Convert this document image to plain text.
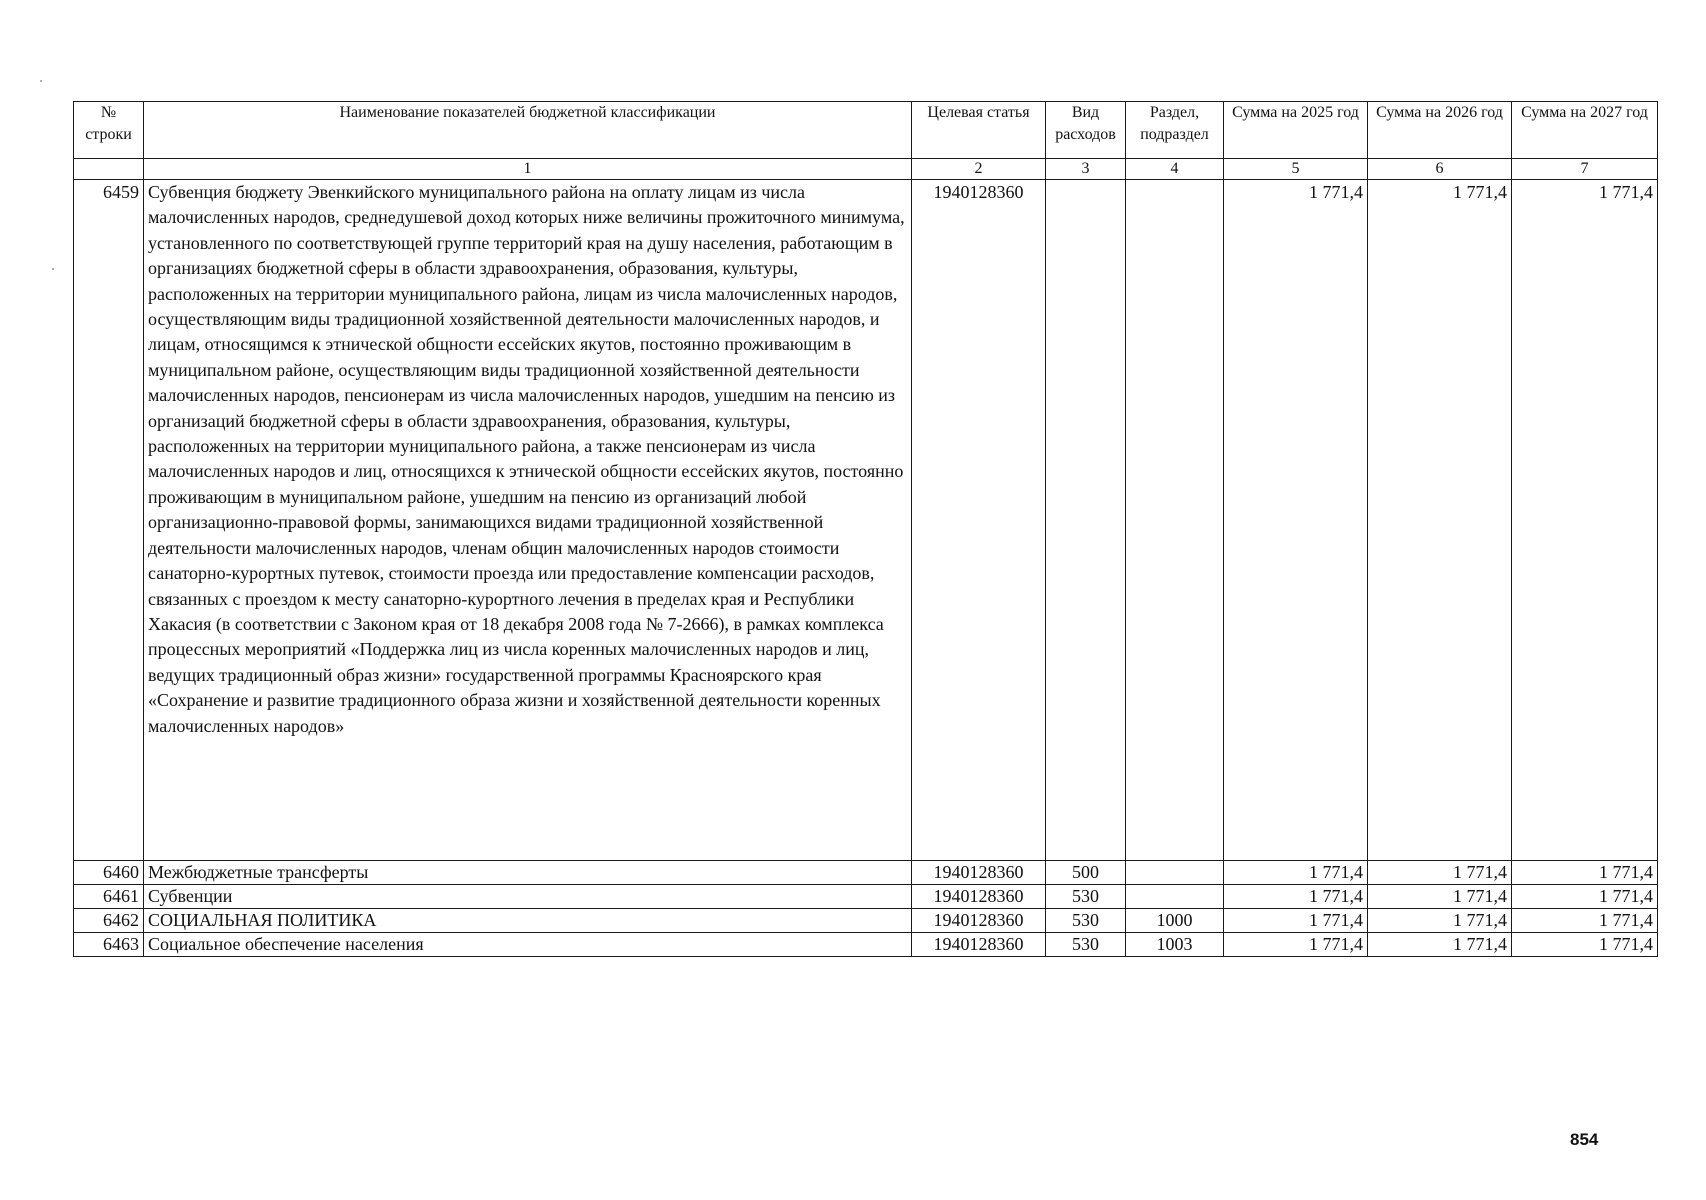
№ строки	Наименование показателей бюджетной классификации	Целевая статья	Вид расходов	Раздел, подраздел	Сумма на 2025 год	Сумма на 2026 год	Сумма на 2027 год
	1	2	3	4	5	6	7
6459	Субвенция бюджету Эвенкийского муниципального района на оплату лицам из числа малочисленных народов, среднедушевой доход которых ниже величины прожиточного минимума, установленного по соответствующей группе территорий края на душу населения, работающим в организациях бюджетной сферы в области здравоохранения, образования, культуры, расположенных на территории муниципального района, лицам из числа малочисленных народов, осуществляющим виды традиционной хозяйственной деятельности малочисленных народов, и лицам, относящимся к этнической общности ессейских якутов, постоянно проживающим в муниципальном районе, осуществляющим виды традиционной хозяйственной деятельности малочисленных народов, пенсионерам из числа малочисленных народов, ушедшим на пенсию из организаций бюджетной сферы в области здравоохранения, образования, культуры, расположенных на территории муниципального района, а также пенсионерам из числа малочисленных народов и лиц, относящихся к этнической общности ессейских якутов, постоянно проживающим в муниципальном районе, ушедшим на пенсию из организаций любой организационно-правовой формы, занимающихся видами традиционной хозяйственной деятельности малочисленных народов, членам общин малочисленных народов стоимости санаторно-курортных путевок, стоимости проезда или предоставление компенсации расходов, связанных с проездом к месту санаторно-курортного лечения в пределах края и Республики Хакасия (в соответствии с Законом края от 18 декабря 2008 года № 7-2666), в рамках комплекса процессных мероприятий «Поддержка лиц из числа коренных малочисленных народов и лиц, ведущих традиционный образ жизни» государственной программы Красноярского края «Сохранение и развитие традиционного образа жизни и хозяйственной деятельности коренных малочисленных народов»	1940128360			1 771,4	1 771,4	1 771,4
6460	Межбюджетные трансферты	1940128360	500		1 771,4	1 771,4	1 771,4
6461	Субвенции	1940128360	530		1 771,4	1 771,4	1 771,4
6462	СОЦИАЛЬНАЯ ПОЛИТИКА	1940128360	530	1000	1 771,4	1 771,4	1 771,4
6463	Социальное обеспечение населения	1940128360	530	1003	1 771,4	1 771,4	1 771,4
854
